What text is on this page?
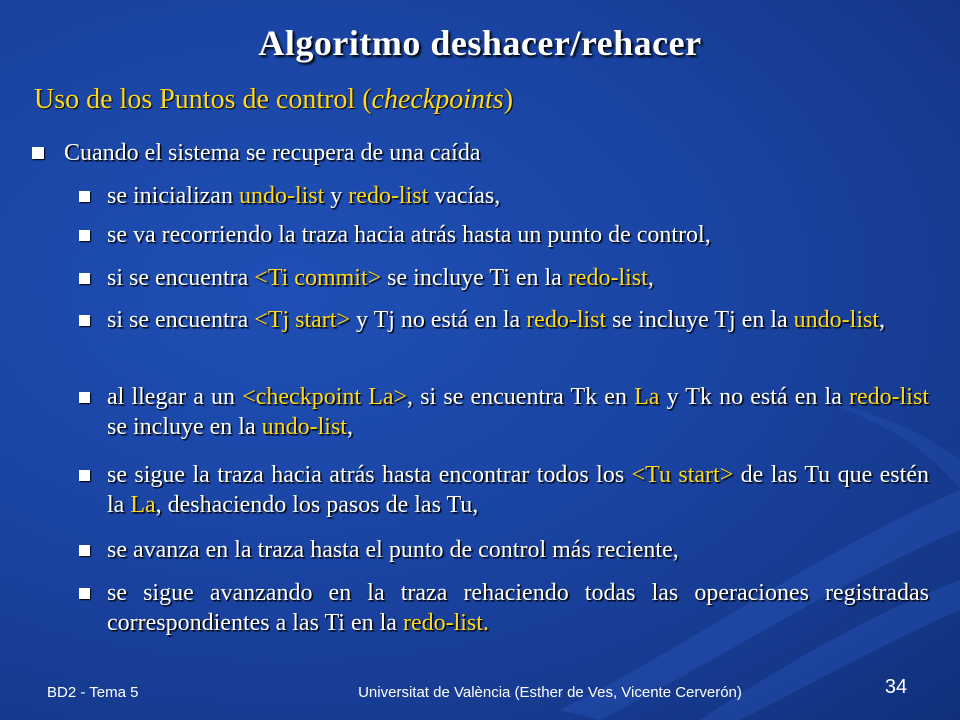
Algoritmo deshacer/rehacer
Uso de los Puntos de control (checkpoints)
Cuando el sistema se recupera de una caída
se inicializan undo-list y redo-list vacías,
se va recorriendo la traza hacia atrás hasta un punto de control,
si se encuentra <Ti commit> se incluye Ti en la redo-list,
si se encuentra <Tj start> y Tj no está en la redo-list se incluye Tj en la undo-list,
al llegar a un <checkpoint La>, si se encuentra Tk en La y Tk no está en la redo-list se incluye en la undo-list,
se sigue la traza hacia atrás hasta encontrar todos los <Tu start> de las Tu que estén la La, deshaciendo los pasos de las Tu,
se avanza en la traza hasta el punto de control más reciente,
se sigue avanzando en la traza rehaciendo todas las operaciones registradas correspondientes a las Ti en la redo-list.
BD2 - Tema 5	Universitat de València (Esther de Ves, Vicente Cerverón)	34
